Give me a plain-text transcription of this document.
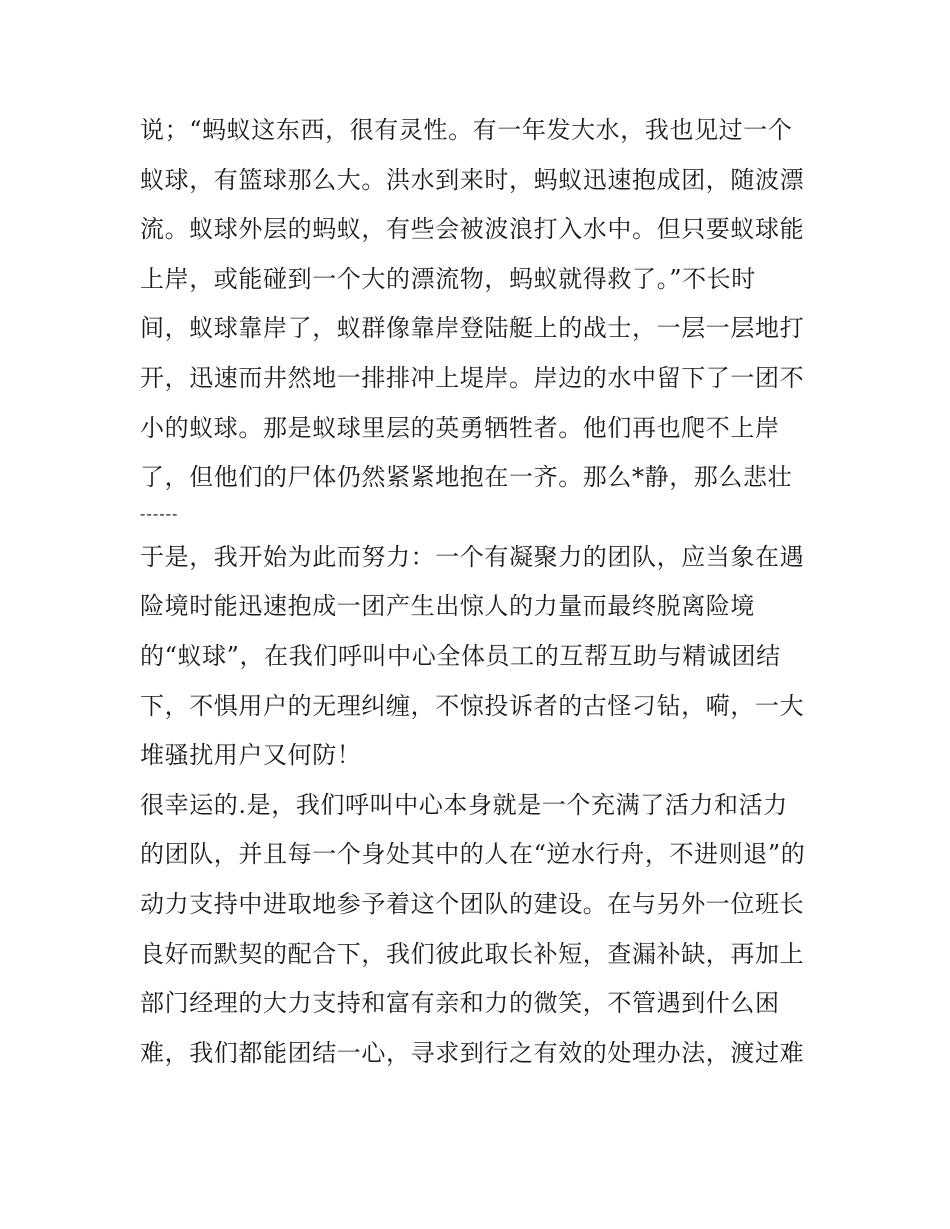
说；“蚂蚁这东西，很有灵性。有一年发大水，我也见过一个
蚁球，有篮球那么大。洪水到来时，蚂蚁迅速抱成团，随波漂
流。蚁球外层的蚂蚁，有些会被波浪打入水中。但只要蚁球能
上岸，或能碰到一个大的漂流物，蚂蚁就得救了。”不长时
间，蚁球靠岸了，蚁群像靠岸登陆艇上的战士，一层一层地打
开，迅速而井然地一排排冲上堤岸。岸边的水中留下了一团不
小的蚁球。那是蚁球里层的英勇牺牲者。他们再也爬不上岸
了，但他们的尸体仍然紧紧地抱在一齐。那么*静，那么悲壮
------
于是，我开始为此而努力：一个有凝聚力的团队，应当象在遇
险境时能迅速抱成一团产生出惊人的力量而最终脱离险境
的“蚁球”，在我们呼叫中心全体员工的互帮互助与精诚团结
下，不惧用户的无理纠缠，不惊投诉者的古怪刁钻，嗬，一大
堆骚扰用户又何防！
很幸运的.是，我们呼叫中心本身就是一个充满了活力和活力
的团队，并且每一个身处其中的人在“逆水行舟，不进则退”的
动力支持中进取地参予着这个团队的建设。在与另外一位班长
良好而默契的配合下，我们彼此取长补短，查漏补缺，再加上
部门经理的大力支持和富有亲和力的微笑，不管遇到什么困
难，我们都能团结一心，寻求到行之有效的处理办法，渡过难
